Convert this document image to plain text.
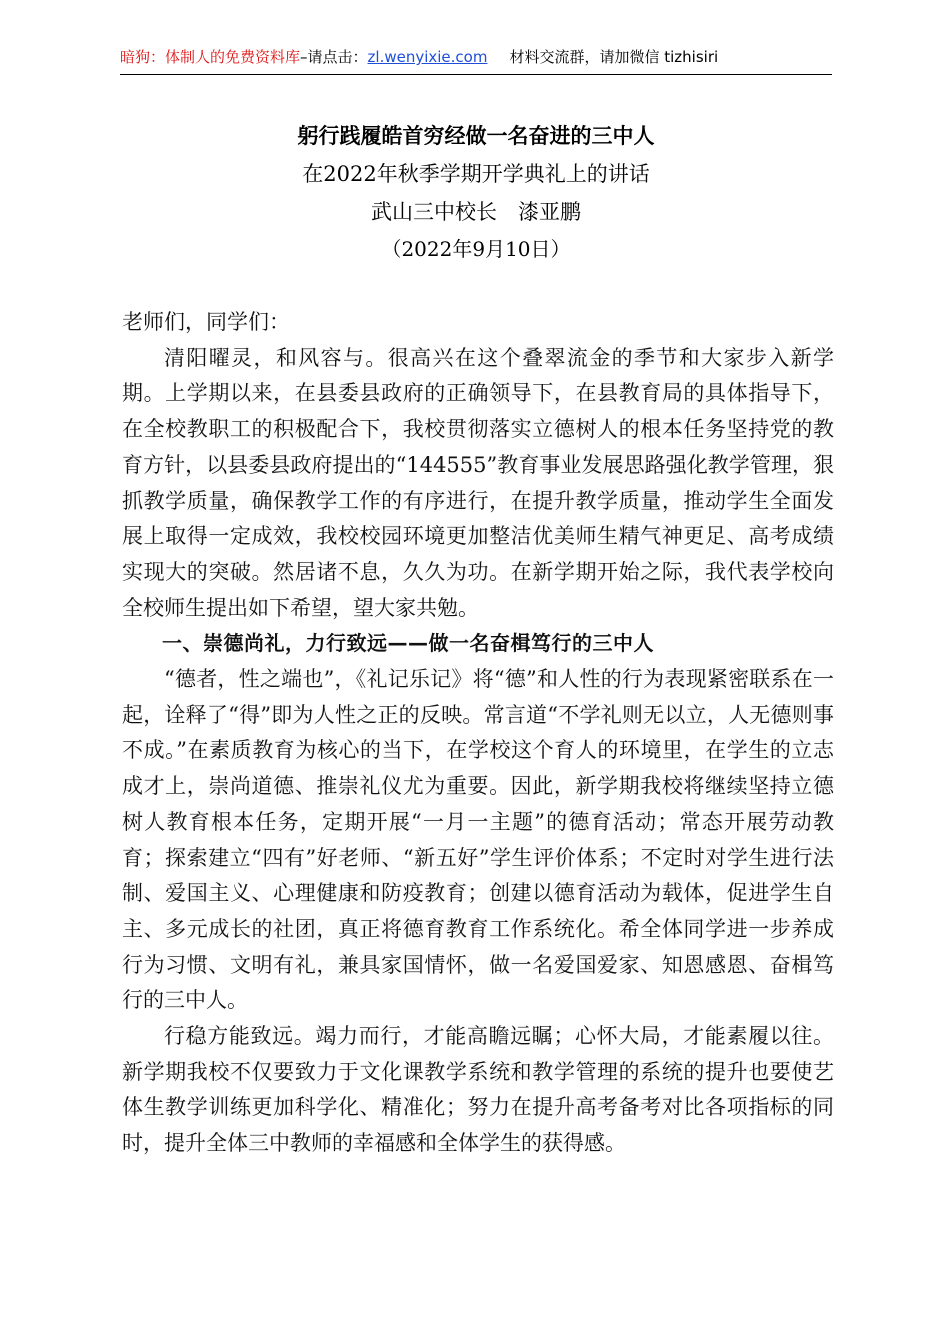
暗狗：体制人的免费资料库–请点击：zl.wenyixie.com 材料交流群，请加微信 tizhisiri
躬行践履皓首穷经做一名奋进的三中人
在2022年秋季学期开学典礼上的讲话
武山三中校长　漆亚鹏
（2022年9月10日）

老师们，同学们：

清阳曜灵，和风容与。很高兴在这个叠翠流金的季节和大家步入新学期。上学期以来，在县委县政府的正确领导下，在县教育局的具体指导下，在全校教职工的积极配合下，我校贯彻落实立德树人的根本任务坚持党的教育方针，以县委县政府提出的“144555”教育事业发展思路强化教学管理，狠抓教学质量，确保教学工作的有序进行，在提升教学质量，推动学生全面发展上取得一定成效，我校校园环境更加整洁优美师生精气神更足、高考成绩实现大的突破。然居诸不息，久久为功。在新学期开始之际，我代表学校向全校师生提出如下希望，望大家共勉。

一、崇德尚礼，力行致远——做一名奋楫笃行的三中人

“德者，性之端也”，《礼记乐记》将“德”和人性的行为表现紧密联系在一起，诠释了“得”即为人性之正的反映。常言道“不学礼则无以立，人无德则事不成。”在素质教育为核心的当下，在学校这个育人的环境里，在学生的立志成才上，崇尚道德、推崇礼仪尤为重要。因此，新学期我校将继续坚持立德树人教育根本任务，定期开展“一月一主题”的德育活动；常态开展劳动教育；探索建立“四有”好老师、“新五好”学生评价体系；不定时对学生进行法制、爱国主义、心理健康和防疫教育；创建以德育活动为载体，促进学生自主、多元成长的社团，真正将德育教育工作系统化。希全体同学进一步养成行为习惯、文明有礼，兼具家国情怀，做一名爱国爱家、知恩感恩、奋楫笃行的三中人。

行稳方能致远。竭力而行，才能高瞻远瞩；心怀大局，才能素履以往。新学期我校不仅要致力于文化课教学系统和教学管理的系统的提升也要使艺体生教学训练更加科学化、精准化；努力在提升高考备考对比各项指标的同时，提升全体三中教师的幸福感和全体学生的获得感。
